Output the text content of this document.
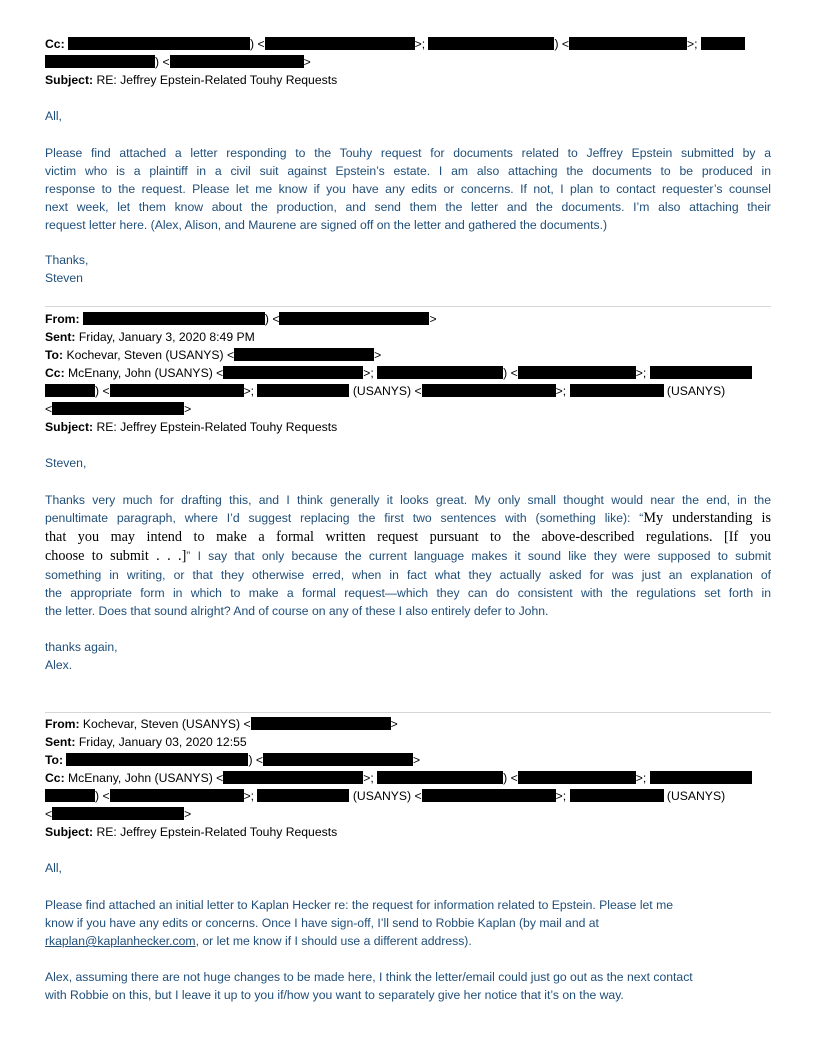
Cc:	) <	>;	) <	>;
) <	>
Subject: RE: Jeffrey Epstein-Related Touhy Requests
All,
Please find attached a letter responding to the Touhy request for documents related to Jeffrey Epstein submitted by a
victim who is a plaintiff in a civil suit against Epstein’s estate. I am also attaching the documents to be produced in
response to the request. Please let me know if you have any edits or concerns. If not, I plan to contact requester’s counsel
next week, let them know about the production, and send them the letter and the documents. I’m also attaching their
request letter here. (Alex, Alison, and Maurene are signed off on the letter and gathered the documents.)
Thanks,
Steven
From:	) <	>
Sent: Friday, January 3, 2020 8:49 PM
To: Kochevar, Steven (USANYS) <	>
Cc: McEnany, John (USANYS) <	>;	) <	>;
) <	>;	(USANYS) <	>;	(USANYS)
<	>
Subject: RE: Jeffrey Epstein-Related Touhy Requests
Steven,
Thanks very much for drafting this, and I think generally it looks great. My only small thought would near the end, in the
penultimate paragraph, where I’d suggest replacing the first two sentences with (something like): “My understanding is
that you may intend to make a formal written request pursuant to the above-described regulations. [If you
choose to submit . . .]” I say that only because the current language makes it sound like they were supposed to submit
something in writing, or that they otherwise erred, when in fact what they actually asked for was just an explanation of
the appropriate form in which to make a formal request—which they can do consistent with the regulations set forth in
the letter. Does that sound alright? And of course on any of these I also entirely defer to John.
thanks again,
Alex.
From: Kochevar, Steven (USANYS) <	>
Sent: Friday, January 03, 2020 12:55
To:	) <	>
Cc: McEnany, John (USANYS) <	>;	) <	>;
) <	>;	(USANYS) <	>;	(USANYS)
<	>
Subject: RE: Jeffrey Epstein-Related Touhy Requests
All,
Please find attached an initial letter to Kaplan Hecker re: the request for information related to Epstein. Please let me
know if you have any edits or concerns. Once I have sign-off, I’ll send to Robbie Kaplan (by mail and at
rkaplan@kaplanhecker.com, or let me know if I should use a different address).
Alex, assuming there are not huge changes to be made here, I think the letter/email could just go out as the next contact
with Robbie on this, but I leave it up to you if/how you want to separately give her notice that it’s on the way.
